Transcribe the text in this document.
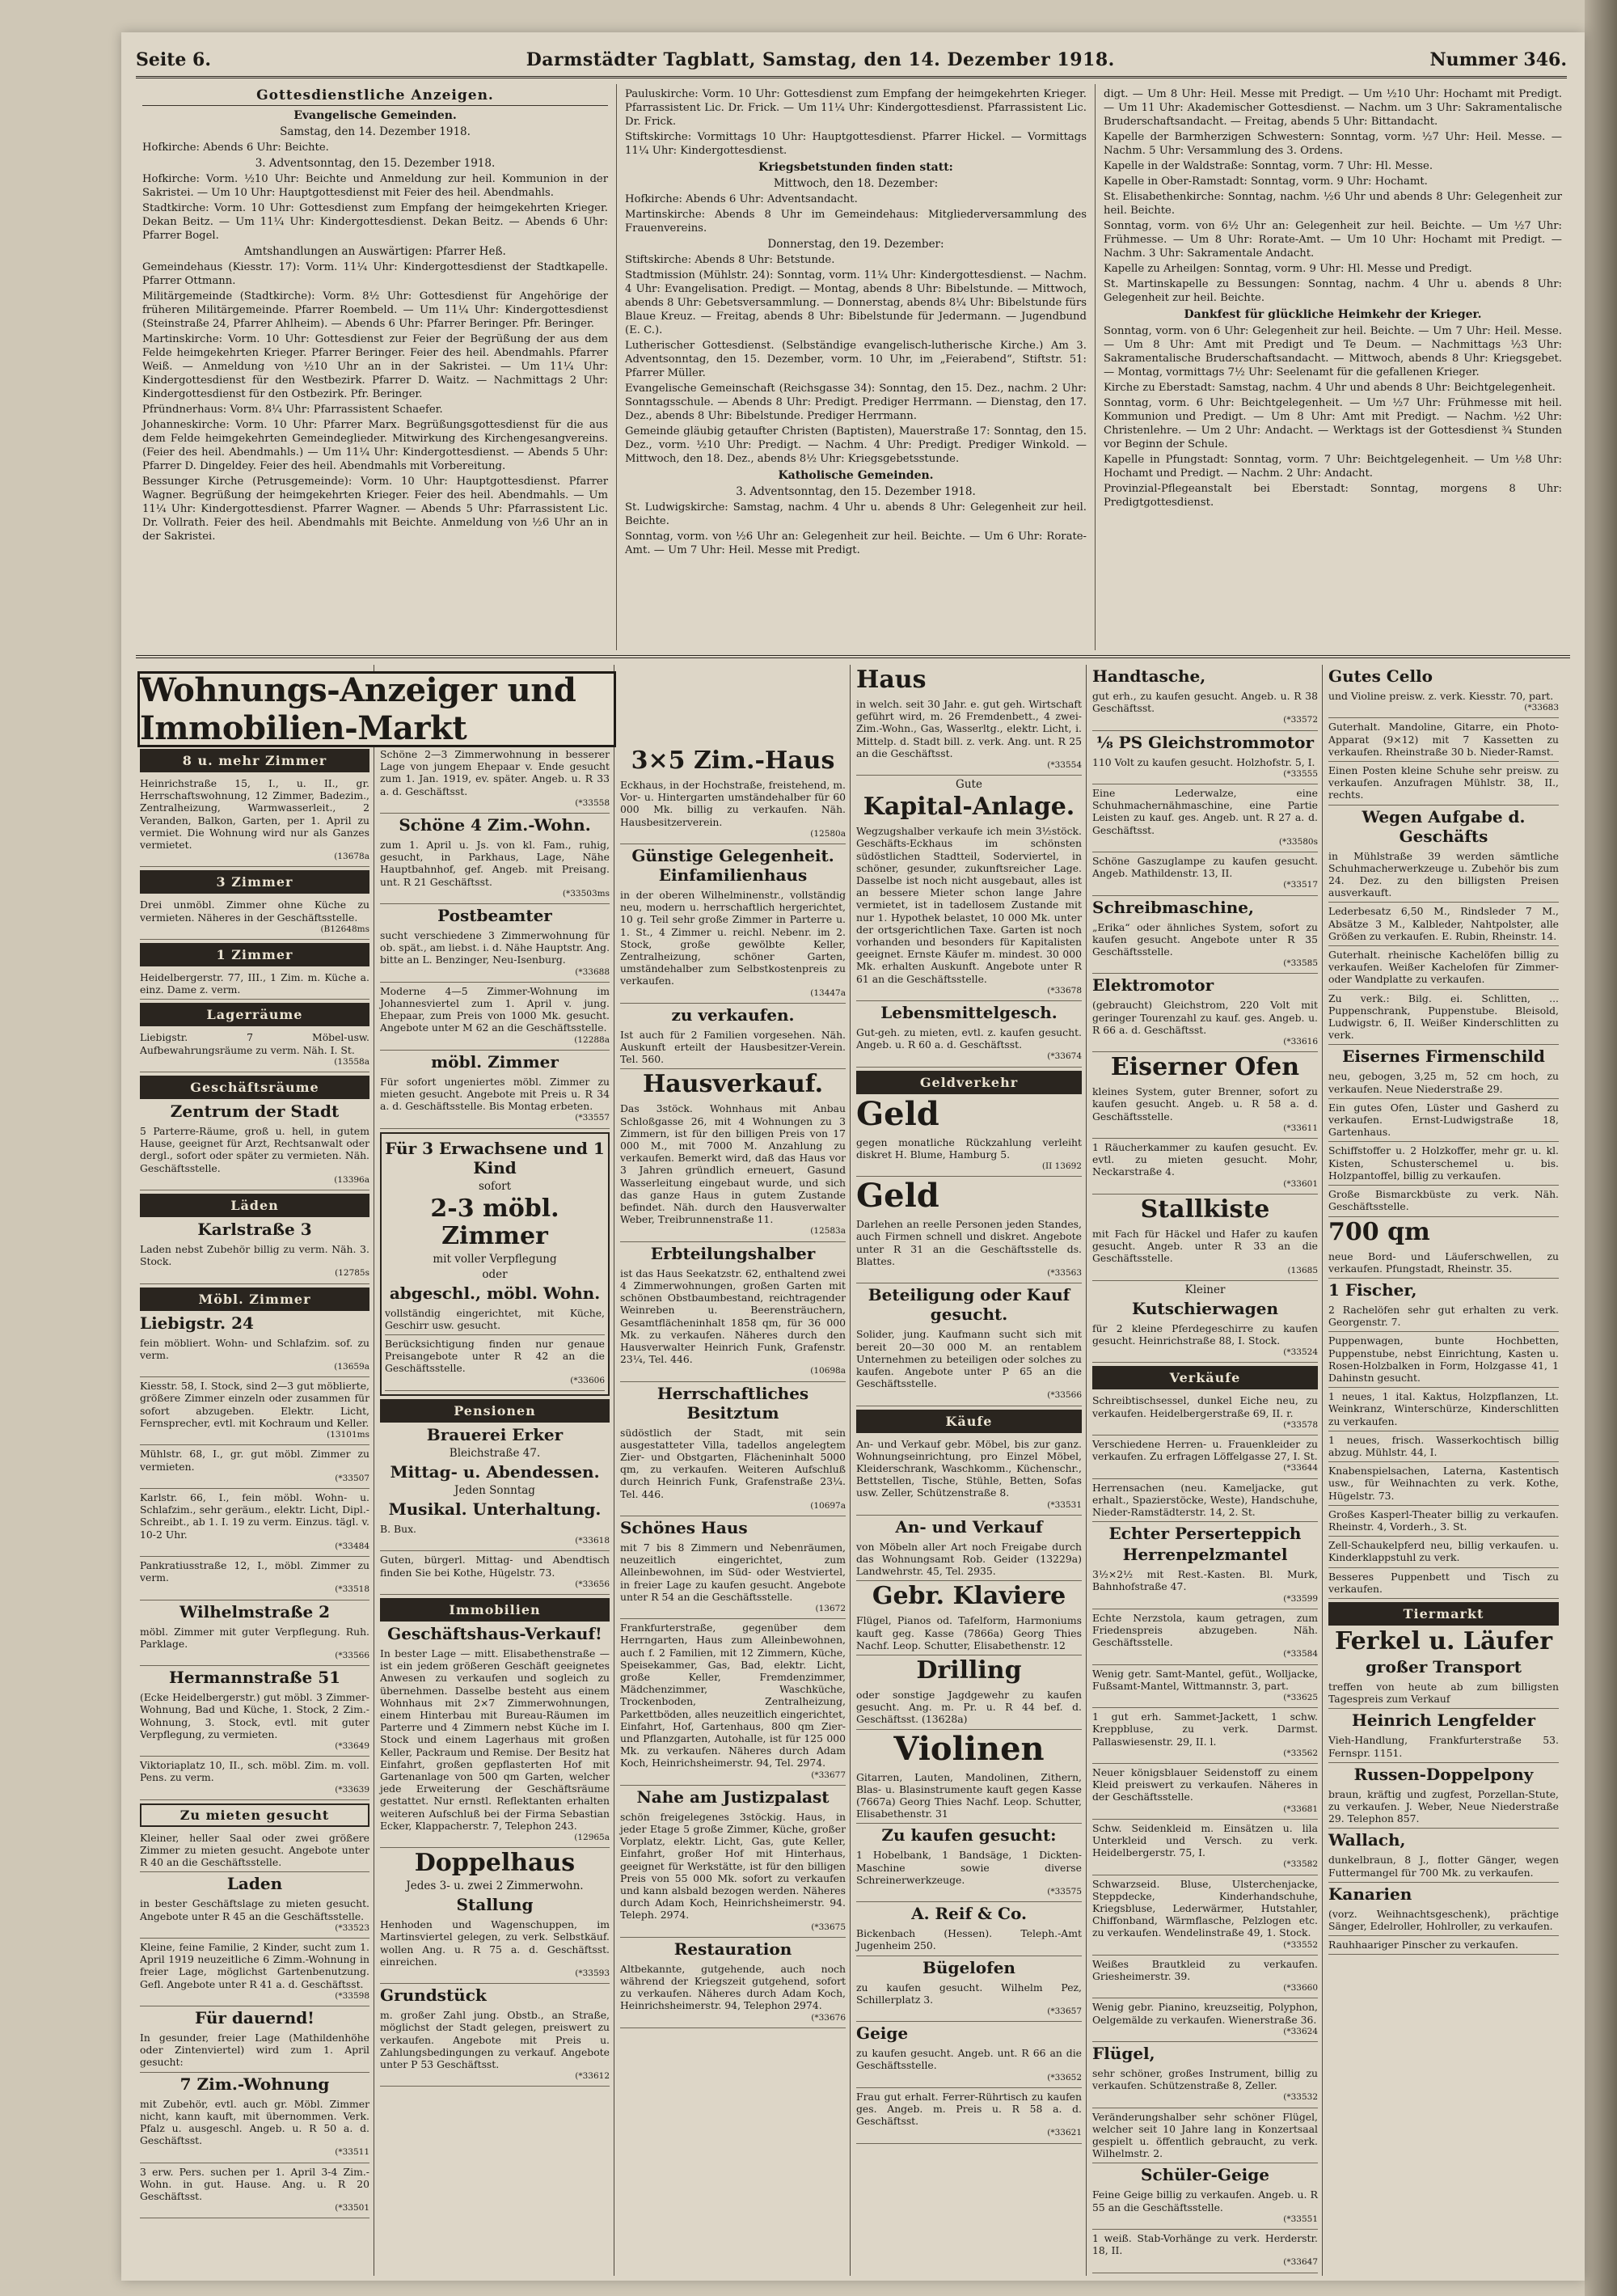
Seite 6.	Darmstädter Tagblatt, Samstag, den 14. Dezember 1918.	Nummer 346.
Gottesdienstliche Anzeigen.
Evangelische Gemeinden.

Samstag, den 14. Dezember 1918.

Hofkirche: Abends 6 Uhr: Beichte.

3. Adventsonntag, den 15. Dezember 1918.

Hofkirche: Vorm. ½10 Uhr: Beichte und Anmeldung zur heil. Kommunion in der Sakristei. — Um 10 Uhr: Hauptgottesdienst mit Feier des heil. Abendmahls.

Stadtkirche: Vorm. 10 Uhr: Gottesdienst zum Empfang der heimgekehrten Krieger. Dekan Beitz. — Um 11¼ Uhr: Kindergottesdienst. Dekan Beitz. — Abends 6 Uhr: Pfarrer Bogel.

Amtshandlungen an Auswärtigen: Pfarrer Heß.

Gemeindehaus (Kiesstr. 17): Vorm. 11¼ Uhr: Kindergottesdienst der Stadtkapelle. Pfarrer Ottmann.

Militärgemeinde (Stadtkirche): Vorm. 8½ Uhr: Gottesdienst für Angehörige der früheren Militärgemeinde. Pfarrer Roembeld. — Um 11¼ Uhr: Kindergottesdienst (Steinstraße 24, Pfarrer Ahlheim). — Abends 6 Uhr: Pfarrer Beringer. Pfr. Beringer.

Martinskirche: Vorm. 10 Uhr: Gottesdienst zur Feier der Begrüßung der aus dem Felde heimgekehrten Krieger. Pfarrer Beringer. Feier des heil. Abendmahls. Pfarrer Weiß. — Anmeldung von ½10 Uhr an in der Sakristei. — Um 11¼ Uhr: Kindergottesdienst für den Westbezirk. Pfarrer D. Waitz. — Nachmittags 2 Uhr: Kindergottesdienst für den Ostbezirk. Pfr. Beringer.

Pfründnerhaus: Vorm. 8¼ Uhr: Pfarrassistent Schaefer.

Johanneskirche: Vorm. 10 Uhr: Pfarrer Marx. Begrüßungsgottesdienst für die aus dem Felde heimgekehrten Gemeindeglieder. Mitwirkung des Kirchengesangvereins. (Feier des heil. Abendmahls.) — Um 11¼ Uhr: Kindergottesdienst. — Abends 5 Uhr: Pfarrer D. Dingeldey. Feier des heil. Abendmahls mit Vorbereitung.

Bessunger Kirche (Petrusgemeinde): Vorm. 10 Uhr: Hauptgottesdienst. Pfarrer Wagner. Begrüßung der heimgekehrten Krieger. Feier des heil. Abendmahls. — Um 11¼ Uhr: Kindergottesdienst. Pfarrer Wagner. — Abends 5 Uhr: Pfarrassistent Lic. Dr. Vollrath. Feier des heil. Abendmahls mit Beichte. Anmeldung von ½6 Uhr an in der Sakristei.

Pauluskirche: Vorm. 10 Uhr: Gottesdienst zum Empfang der heimgekehrten Krieger. Pfarrassistent Lic. Dr. Frick. — Um 11¼ Uhr: Kindergottesdienst. Pfarrassistent Lic. Dr. Frick.

Stiftskirche: Vormittags 10 Uhr: Hauptgottesdienst. Pfarrer Hickel. — Vormittags 11¼ Uhr: Kindergottesdienst.

Kriegsbetstunden finden statt:

Mittwoch, den 18. Dezember:

Hofkirche: Abends 6 Uhr: Adventsandacht.

Martinskirche: Abends 8 Uhr im Gemeindehaus: Mitgliederversammlung des Frauenvereins.

Donnerstag, den 19. Dezember:

Stiftskirche: Abends 8 Uhr: Betstunde.

Stadtmission (Mühlstr. 24): Sonntag, vorm. 11¼ Uhr: Kindergottesdienst. — Nachm. 4 Uhr: Evangelisation. Predigt. — Montag, abends 8 Uhr: Bibelstunde. — Mittwoch, abends 8 Uhr: Gebetsversammlung. — Donnerstag, abends 8¼ Uhr: Bibelstunde fürs Blaue Kreuz. — Freitag, abends 8 Uhr: Bibelstunde für Jedermann. — Jugendbund (E. C.).

Lutherischer Gottesdienst. (Selbständige evangelisch-lutherische Kirche.) Am 3. Adventsonntag, den 15. Dezember, vorm. 10 Uhr, im „Feierabend“, Stiftstr. 51: Pfarrer Müller.

Evangelische Gemeinschaft (Reichsgasse 34): Sonntag, den 15. Dez., nachm. 2 Uhr: Sonntagsschule. — Abends 8 Uhr: Predigt. Prediger Herrmann. — Dienstag, den 17. Dez., abends 8 Uhr: Bibelstunde. Prediger Herrmann.

Gemeinde gläubig getaufter Christen (Baptisten), Mauerstraße 17: Sonntag, den 15. Dez., vorm. ½10 Uhr: Predigt. — Nachm. 4 Uhr: Predigt. Prediger Winkold. — Mittwoch, den 18. Dez., abends 8½ Uhr: Kriegsgebetsstunde.

Katholische Gemeinden.

3. Adventsonntag, den 15. Dezember 1918.

St. Ludwigskirche: Samstag, nachm. 4 Uhr u. abends 8 Uhr: Gelegenheit zur heil. Beichte.

Sonntag, vorm. von ½6 Uhr an: Gelegenheit zur heil. Beichte. — Um 6 Uhr: Rorate-Amt. — Um 7 Uhr: Heil. Messe mit Predigt.

digt. — Um 8 Uhr: Heil. Messe mit Predigt. — Um ½10 Uhr: Hochamt mit Predigt. — Um 11 Uhr: Akademischer Gottesdienst. — Nachm. um 3 Uhr: Sakramentalische Bruderschaftsandacht. — Freitag, abends 5 Uhr: Bittandacht.

Kapelle der Barmherzigen Schwestern: Sonntag, vorm. ½7 Uhr: Heil. Messe. — Nachm. 5 Uhr: Versammlung des 3. Ordens.

Kapelle in der Waldstraße: Sonntag, vorm. 7 Uhr: Hl. Messe.

Kapelle in Ober-Ramstadt: Sonntag, vorm. 9 Uhr: Hochamt.

St. Elisabethenkirche: Sonntag, nachm. ½6 Uhr und abends 8 Uhr: Gelegenheit zur heil. Beichte.

Sonntag, vorm. von 6½ Uhr an: Gelegenheit zur heil. Beichte. — Um ½7 Uhr: Frühmesse. — Um 8 Uhr: Rorate-Amt. — Um 10 Uhr: Hochamt mit Predigt. — Nachm. 3 Uhr: Sakramentale Andacht.

Kapelle zu Arheilgen: Sonntag, vorm. 9 Uhr: Hl. Messe und Predigt.

St. Martinskapelle zu Bessungen: Sonntag, nachm. 4 Uhr u. abends 8 Uhr: Gelegenheit zur heil. Beichte.

Dankfest für glückliche Heimkehr der Krieger.

Sonntag, vorm. von 6 Uhr: Gelegenheit zur heil. Beichte. — Um 7 Uhr: Heil. Messe. — Um 8 Uhr: Amt mit Predigt und Te Deum. — Nachmittags ½3 Uhr: Sakramentalische Bruderschaftsandacht. — Mittwoch, abends 8 Uhr: Kriegsgebet. — Montag, vormittags 7½ Uhr: Seelenamt für die gefallenen Krieger.

Kirche zu Eberstadt: Samstag, nachm. 4 Uhr und abends 8 Uhr: Beichtgelegenheit.

Sonntag, vorm. 6 Uhr: Beichtgelegenheit. — Um ½7 Uhr: Frühmesse mit heil. Kommunion und Predigt. — Um 8 Uhr: Amt mit Predigt. — Nachm. ½2 Uhr: Christenlehre. — Um 2 Uhr: Andacht. — Werktags ist der Gottesdienst ¾ Stunden vor Beginn der Schule.

Kapelle in Pfungstadt: Sonntag, vorm. 7 Uhr: Beichtgelegenheit. — Um ½8 Uhr: Hochamt und Predigt. — Nachm. 2 Uhr: Andacht.

Provinzial-Pflegeanstalt bei Eberstadt: Sonntag, morgens 8 Uhr: Predigtgottesdienst.

8 u. mehr Zimmer

Heinrichstraße 15, I., u. II., gr. Herrschaftswohnung, 12 Zimmer, Badezim., Zentralheizung, Warmwasserleit., 2 Veranden, Balkon, Garten, per 1. April zu vermiet. Die Wohnung wird nur als Ganzes vermietet.
(13678a

3 Zimmer

Drei unmöbl. Zimmer ohne Küche zu vermieten. Näheres in der Geschäftsstelle.
(B12648ms

1 Zimmer

Heidelbergerstr. 77, III., 1 Zim. m. Küche a. einz. Dame z. verm.

Lagerräume

Liebigstr. 7 Möbel-usw. Aufbewahrungsräume zu verm. Näh. I. St.
(13558a

Geschäftsräume
Zentrum der Stadt

5 Parterre-Räume, groß u. hell, in gutem Hause, geeignet für Arzt, Rechtsanwalt oder dergl., sofort oder später zu vermieten. Näh. Geschäftsstelle.
(13396a

Läden
Karlstraße 3

Laden nebst Zubehör billig zu verm. Näh. 3. Stock.
(12785s

Möbl. Zimmer
Liebigstr. 24

fein möbliert. Wohn- und Schlafzim. sof. zu verm.
(13659a

Kiesstr. 58, I. Stock, sind 2—3 gut möblierte, größere Zimmer einzeln oder zusammen für sofort abzugeben. Elektr. Licht, Fernsprecher, evtl. mit Kochraum und Keller.
(13101ms

Mühlstr. 68, I., gr. gut möbl. Zimmer zu vermieten.
(*33507

Karlstr. 66, I., fein möbl. Wohn- u. Schlafzim., sehr geräum., elektr. Licht, Dipl.-Schreibt., ab 1. I. 19 zu verm. Einzus. tägl. v. 10-2 Uhr.
(*33484

Pankratiusstraße 12, I., möbl. Zimmer zu verm.
(*33518

Wilhelmstraße 2

möbl. Zimmer mit guter Verpflegung. Ruh. Parklage.
(*33566

Hermannstraße 51

(Ecke Heidelbergerstr.) gut möbl. 3 Zimmer-Wohnung, Bad und Küche, 1. Stock, 2 Zim.-Wohnung, 3. Stock, evtl. mit guter Verpflegung, zu vermieten.
(*33649

Viktoriaplatz 10, II., sch. möbl. Zim. m. voll. Pens. zu verm.
(*33639

Zu mieten gesucht

Kleiner, heller Saal oder zwei größere Zimmer zu mieten gesucht. Angebote unter R 40 an die Geschäftsstelle.

Laden

in bester Geschäftslage zu mieten gesucht. Angebote unter R 45 an die Geschäftsstelle.
(*33523

Kleine, feine Familie, 2 Kinder, sucht zum 1. April 1919 neuzeitliche 6 Zimm.-Wohnung in freier Lage, möglichst Gartenbenutzung. Gefl. Angebote unter R 41 a. d. Geschäftsst.
(*33598

Für dauernd!

In gesunder, freier Lage (Mathildenhöhe oder Zintenviertel) wird zum 1. April gesucht:

7 Zim.-Wohnung

mit Zubehör, evtl. auch gr. Möbl. Zimmer nicht, kann kauft, mit übernommen. Verk. Pfalz u. ausgeschl. Angeb. u. R 50 a. d. Geschäftsst.
(*33511

3 erw. Pers. suchen per 1. April 3-4 Zim.-Wohn. in gut. Hause. Ang. u. R 20 Geschäftsst.
(*33501

Schöne 2—3 Zimmerwohnung in besserer Lage von jungem Ehepaar v. Ende gesucht zum 1. Jan. 1919, ev. später. Angeb. u. R 33 a. d. Geschäftsst.
(*33558

Schöne 4 Zim.-Wohn.

zum 1. April u. Js. von kl. Fam., ruhig, gesucht, in Parkhaus, Lage, Nähe Hauptbahnhof, gef. Angeb. mit Preisang. unt. R 21 Geschäftsst.
(*33503ms

Postbeamter

sucht verschiedene 3 Zimmerwohnung für ob. spät., am liebst. i. d. Nähe Hauptstr. Ang. bitte an L. Benzinger, Neu-Isenburg.
(*33688

Moderne 4—5 Zimmer-Wohnung im Johannesviertel zum 1. April v. jung. Ehepaar, zum Preis von 1000 Mk. gesucht. Angebote unter M 62 an die Geschäftsstelle.
(12288a

möbl. Zimmer

Für sofort ungeniertes möbl. Zimmer zu mieten gesucht. Angebote mit Preis u. R 34 a. d. Geschäftsstelle. Bis Montag erbeten.
(*33557

Für 3 Erwachsene und 1 Kind
sofort
2-3 möbl. Zimmer
mit voller Verpflegung
oder
abgeschl., möbl. Wohn.

vollständig eingerichtet, mit Küche, Geschirr usw. gesucht.

Berücksichtigung finden nur genaue Preisangebote unter R 42 an die Geschäftsstelle.
(*33606

Pensionen
Brauerei Erker
Bleichstraße 47.
Mittag- u. Abendessen.
Jeden Sonntag
Musikal. Unterhaltung.

B. Bux.
(*33618

Guten, bürgerl. Mittag- und Abendtisch finden Sie bei Kothe, Hügelstr. 73.
(*33656

Immobilien
Geschäftshaus-Verkauf!

In bester Lage — mitt. Elisabethenstraße — ist ein jedem größeren Geschäft geeignetes Anwesen zu verkaufen und sogleich zu übernehmen. Dasselbe besteht aus einem Wohnhaus mit 2×7 Zimmerwohnungen, einem Hinterbau mit Bureau-Räumen im Parterre und 4 Zimmern nebst Küche im I. Stock und einem Lagerhaus mit großen Keller, Packraum und Remise. Der Besitz hat Einfahrt, großen gepflasterten Hof mit Gartenanlage von 500 qm Garten, welcher jede Erweiterung der Geschäftsräume gestattet. Nur ernstl. Reflektanten erhalten weiteren Aufschluß bei der Firma Sebastian Ecker, Klappacherstr. 7, Telephon 243.
(12965a

Doppelhaus
Jedes 3- u. zwei 2 Zimmerwohn.
Stallung

Henhoden und Wagenschuppen, im Martinsviertel gelegen, zu verk. Selbstkäuf. wollen Ang. u. R 75 a. d. Geschäftsst. einreichen.
(*33593

Grundstück

m. großer Zahl jung. Obstb., an Straße, möglichst der Stadt gelegen, preiswert zu verkaufen. Angebote mit Preis u. Zahlungsbedingungen zu verkauf. Angebote unter P 53 Geschäftsst.
(*33612

3×5 Zim.-Haus

Eckhaus, in der Hochstraße, freistehend, m. Vor- u. Hintergarten umständehalber für 60 000 Mk. billig zu verkaufen. Näh. Hausbesitzerverein.
(12580a

Günstige Gelegenheit. Einfamilienhaus

in der oberen Wilhelminenstr., vollständig neu, modern u. herrschaftlich hergerichtet, 10 g. Teil sehr große Zimmer in Parterre u. 1. St., 4 Zimmer u. reichl. Nebenr. im 2. Stock, große gewölbte Keller, Zentralheizung, schöner Garten, umständehalber zum Selbstkostenpreis zu verkaufen.
(13447a

zu verkaufen.

Ist auch für 2 Familien vorgesehen. Näh. Auskunft erteilt der Hausbesitzer-Verein. Tel. 560.

Hausverkauf.

Das 3stöck. Wohnhaus mit Anbau Schloßgasse 26, mit 4 Wohnungen zu 3 Zimmern, ist für den billigen Preis von 17 000 M., mit 7000 M. Anzahlung zu verkaufen. Bemerkt wird, daß das Haus vor 3 Jahren gründlich erneuert, Gasund Wasserleitung eingebaut wurde, und sich das ganze Haus in gutem Zustande befindet. Näh. durch den Hausverwalter Weber, Treibrunnenstraße 11.
(12583a

Erbteilungshalber

ist das Haus Seekatzstr. 62, enthaltend zwei 4 Zimmerwohnungen, großen Garten mit schönen Obstbaumbestand, reichtragender Weinreben u. Beerensträuchern, Gesamtflächeninhalt 1858 qm, für 36 000 Mk. zu verkaufen. Näheres durch den Hausverwalter Heinrich Funk, Grafenstr. 23¼, Tel. 446.
(10698a

Herrschaftliches Besitztum

südöstlich der Stadt, mit sein ausgestatteter Villa, tadellos angelegtem Zier- und Obstgarten, Flächeninhalt 5000 qm, zu verkaufen. Weiteren Aufschluß durch Heinrich Funk, Grafenstraße 23¼. Tel. 446.
(10697a

Schönes Haus

mit 7 bis 8 Zimmern und Nebenräumen, neuzeitlich eingerichtet, zum Alleinbewohnen, im Süd- oder Westviertel, in freier Lage zu kaufen gesucht. Angebote unter R 54 an die Geschäftsstelle.
(13672

Frankfurterstraße, gegenüber dem Herrngarten, Haus zum Alleinbewohnen, auch f. 2 Familien, mit 12 Zimmern, Küche, Speisekammer, Gas, Bad, elektr. Licht, große Keller, Fremdenzimmer, Mädchenzimmer, Waschküche, Trockenboden, Zentralheizung, Parkettböden, alles neuzeitlich eingerichtet, Einfahrt, Hof, Gartenhaus, 800 qm Zier- und Pflanzgarten, Autohalle, ist für 125 000 Mk. zu verkaufen. Näheres durch Adam Koch, Heinrichsheimerstr. 94, Tel. 2974.
(*33677

Nahe am Justizpalast

schön freigelegenes 3stöckig. Haus, in jeder Etage 5 große Zimmer, Küche, großer Vorplatz, elektr. Licht, Gas, gute Keller, Einfahrt, großer Hof mit Hinterhaus, geeignet für Werkstätte, ist für den billigen Preis von 55 000 Mk. sofort zu verkaufen und kann alsbald bezogen werden. Näheres durch Adam Koch, Heinrichsheimerstr. 94. Teleph. 2974.
(*33675

Restauration

Altbekannte, gutgehende, auch noch während der Kriegszeit gutgehend, sofort zu verkaufen. Näheres durch Adam Koch, Heinrichsheimerstr. 94, Telephon 2974.
(*33676

Haus

in welch. seit 30 Jahr. e. gut geh. Wirtschaft geführt wird, m. 26 Fremdenbett., 4 zwei-Zim.-Wohn., Gas, Wasserltg., elektr. Licht, i. Mittelp. d. Stadt bill. z. verk. Ang. unt. R 25 an die Geschäftsst.
(*33554

Gute
Kapital-Anlage.

Wegzugshalber verkaufe ich mein 3½stöck. Geschäfts-Eckhaus im schönsten südöstlichen Stadtteil, Soderviertel, in schöner, gesunder, zukunftsreicher Lage. Dasselbe ist noch nicht ausgebaut, alles ist an bessere Mieter schon lange Jahre vermietet, ist in tadellosem Zustande mit nur 1. Hypothek belastet, 10 000 Mk. unter der ortsgerichtlichen Taxe. Garten ist noch vorhanden und besonders für Kapitalisten geeignet. Ernste Käufer m. mindest. 30 000 Mk. erhalten Auskunft. Angebote unter R 61 an die Geschäftsstelle.
(*33678

Lebensmittelgesch.

Gut-geh. zu mieten, evtl. z. kaufen gesucht. Angeb. u. R 60 a. d. Geschäftsst.
(*33674

Geldverkehr
Geld

gegen monatliche Rückzahlung verleiht diskret H. Blume, Hamburg 5.
(II 13692

Geld

Darlehen an reelle Personen jeden Standes, auch Firmen schnell und diskret. Angebote unter R 31 an die Geschäftsstelle ds. Blattes.
(*33563

Beteiligung oder Kauf gesucht.

Solider, jung. Kaufmann sucht sich mit bereit 20—30 000 M. an rentablem Unternehmen zu beteiligen oder solches zu kaufen. Angebote unter P 65 an die Geschäftsstelle.
(*33566

Käufe

An- und Verkauf gebr. Möbel, bis zur ganz. Wohnungseinrichtung, pro Einzel Möbel, Kleiderschrank, Waschkomm., Küchenschr., Bettstellen, Tische, Stühle, Betten, Sofas usw. Zeller, Schützenstraße 8.
(*33531

An- und Verkauf

von Möbeln aller Art noch Freigabe durch das Wohnungsamt Rob. Geider (13229a) Landwehrstr. 45, Tel. 2935.

Gebr. Klaviere

Flügel, Pianos od. Tafelform, Harmoniums kauft geg. Kasse (7866a) Georg Thies Nachf. Leop. Schutter, Elisabethenstr. 12

Drilling

oder sonstige Jagdgewehr zu kaufen gesucht. Ang. m. Pr. u. R 44 bef. d. Geschäftsst. (13628a)

Violinen

Gitarren, Lauten, Mandolinen, Zithern, Blas- u. Blasinstrumente kauft gegen Kasse (7667a) Georg Thies Nachf. Leop. Schutter, Elisabethenstr. 31

Zu kaufen gesucht:

1 Hobelbank, 1 Bandsäge, 1 Dickten-Maschine sowie diverse Schreinerwerkzeuge.
(*33575

A. Reif & Co.

Bickenbach (Hessen). Teleph.-Amt Jugenheim 250.

Bügelofen

zu kaufen gesucht. Wilhelm Pez, Schillerplatz 3.
(*33657

Geige

zu kaufen gesucht. Angeb. unt. R 66 an die Geschäftsstelle.
(*33652

Frau gut erhalt. Ferrer-Rührtisch zu kaufen ges. Angeb. m. Preis u. R 58 a. d. Geschäftsst.
(*33621

Handtasche,

gut erh., zu kaufen gesucht. Angeb. u. R 38 Geschäftsst.
(*33572

⅛ PS Gleichstrommotor

110 Volt zu kaufen gesucht. Holzhofstr. 5, I.
(*33555

Eine Lederwalze, eine Schuhmachernähmaschine, eine Partie Leisten zu kauf. ges. Angeb. unt. R 27 a. d. Geschäftsst.
(*33580s

Schöne Gaszuglampe zu kaufen gesucht. Angeb. Mathildenstr. 13, II.
(*33517

Schreibmaschine,

„Erika“ oder ähnliches System, sofort zu kaufen gesucht. Angebote unter R 35 Geschäftsstelle.
(*33585

Elektromotor

(gebraucht) Gleichstrom, 220 Volt mit geringer Tourenzahl zu kauf. ges. Angeb. u. R 66 a. d. Geschäftsst.
(*33616

Eiserner Ofen

kleines System, guter Brenner, sofort zu kaufen gesucht. Angeb. u. R 58 a. d. Geschäftsstelle.
(*33611

1 Räucherkammer zu kaufen gesucht. Ev. evtl. zu mieten gesucht. Mohr, Neckarstraße 4.
(*33601

Stallkiste

mit Fach für Häckel und Hafer zu kaufen gesucht. Angeb. unter R 33 an die Geschäftsstelle.
(13685

Kleiner
Kutschierwagen

für 2 kleine Pferdegeschirre zu kaufen gesucht. Heinrichstraße 88, I. Stock.
(*33524

Verkäufe

Schreibtischsessel, dunkel Eiche neu, zu verkaufen. Heidelbergerstraße 69, II. r.
(*33578

Verschiedene Herren- u. Frauenkleider zu verkaufen. Zu erfragen Löffelgasse 27, I. St.
(*33644

Herrensachen (neu. Kameljacke, gut erhalt., Spazierstöcke, Weste), Handschuhe, Nieder-Ramstädterstr. 14, 2. St.

Echter Perserteppich
Herrenpelzmantel

3½×2½ mit Rest.-Kasten. Bl. Murk, Bahnhofstraße 47.
(*33599

Echte Nerzstola, kaum getragen, zum Friedenspreis abzugeben. Näh. Geschäftsstelle.
(*33584

Wenig getr. Samt-Mantel, gefüt., Wolljacke, Fußsamt-Mantel, Wittmannstr. 3, part.
(*33625

1 gut erh. Sammet-Jackett, 1 schw. Kreppbluse, zu verk. Darmst. Pallaswiesenstr. 29, II. l.
(*33562

Neuer königsblauer Seidenstoff zu einem Kleid preiswert zu verkaufen. Näheres in der Geschäftsstelle.
(*33681

Schw. Seidenkleid m. Einsätzen u. lila Unterkleid und Versch. zu verk. Heidelbergerstr. 75, I.
(*33582

Schwarzseid. Bluse, Ulsterchenjacke, Steppdecke, Kinderhandschuhe, Kriegsbluse, Lederwärmer, Hutstahler, Chiffonband, Wärmflasche, Pelzlogen etc. zu verkaufen. Wendelinstraße 49, 1. Stock.
(*33552

Weißes Brautkleid zu verkaufen. Griesheimerstr. 39.
(*33660

Wenig gebr. Pianino, kreuzseitig, Polyphon, Oelgemälde zu verkaufen. Wienerstraße 36.
(*33624

Flügel,

sehr schöner, großes Instrument, billig zu verkaufen. Schützenstraße 8, Zeller.
(*33532

Veränderungshalber sehr schöner Flügel, welcher seit 10 Jahre lang in Konzertsaal gespielt u. öffentlich gebraucht, zu verk. Wilhelmstr. 2.

Schüler-Geige

Feine Geige billig zu verkaufen. Angeb. u. R 55 an die Geschäftsstelle.
(*33551

1 weiß. Stab-Vorhänge zu verk. Herderstr. 18, II.
(*33647

Gutes Cello

und Violine preisw. z. verk. Kiesstr. 70, part.
(*33683

Guterhalt. Mandoline, Gitarre, ein Photo-Apparat (9×12) mit 7 Kassetten zu verkaufen. Rheinstraße 30 b. Nieder-Ramst.

Einen Posten kleine Schuhe sehr preisw. zu verkaufen. Anzufragen Mühlstr. 38, II., rechts.

Wegen Aufgabe d. Geschäfts

in Mühlstraße 39 werden sämtliche Schuhmacherwerkzeuge u. Zubehör bis zum 24. Dez. zu den billigsten Preisen ausverkauft.

Lederbesatz 6,50 M., Rindsleder 7 M., Absätze 3 M., Kalbleder, Nahtpolster, alle Größen zu verkaufen. E. Rubin, Rheinstr. 14.

Guterhalt. rheinische Kachelöfen billig zu verkaufen. Weißer Kachelofen für Zimmer- oder Wandplatte zu verkaufen.

Zu verk.: Bilg. ei. Schlitten, ... Puppenschrank, Puppenstube. Bleisold, Ludwigstr. 6, II. Weißer Kinderschlitten zu verk.

Eisernes Firmenschild

neu, gebogen, 3,25 m, 52 cm hoch, zu verkaufen. Neue Niederstraße 29.

Ein gutes Ofen, Lüster und Gasherd zu verkaufen. Ernst-Ludwigstraße 18, Gartenhaus.

Schiffstoffer u. 2 Holzkoffer, mehr gr. u. kl. Kisten, Schusterschemel u. bis. Holzpantoffel, billig zu verkaufen.

Große Bismarckbüste zu verk. Näh. Geschäftsstelle.

700 qm

neue Bord- und Läuferschwellen, zu verkaufen. Pfungstadt, Rheinstr. 35.

1 Fischer,

2 Rachelöfen sehr gut erhalten zu verk. Georgenstr. 7.

Puppenwagen, bunte Hochbetten, Puppenstube, nebst Einrichtung, Kasten u. Rosen-Holzbalken in Form, Holzgasse 41, 1 Dahinstn gesucht.

1 neues, 1 ital. Kaktus, Holzpflanzen, Lt. Weinkranz, Winterschürze, Kinderschlitten zu verkaufen.

1 neues, frisch. Wasserkochtisch billig abzug. Mühlstr. 44, I.

Knabenspielsachen, Laterna, Kastentisch usw., für Weihnachten zu verk. Kothe, Hügelstr. 73.

Großes Kasperl-Theater billig zu verkaufen. Rheinstr. 4, Vorderh., 3. St.

Zell-Schaukelpferd neu, billig verkaufen. u. Kinderklappstuhl zu verk.

Besseres Puppenbett und Tisch zu verkaufen.

Tiermarkt
Ferkel u. Läufer
großer Transport

treffen von heute ab zum billigsten Tagespreis zum Verkauf

Heinrich Lengfelder

Vieh-Handlung, Frankfurterstraße 53. Fernspr. 1151.

Russen-Doppelpony

braun, kräftig und zugfest, Porzellan-Stute, zu verkaufen. J. Weber, Neue Niederstraße 29. Telephon 857.

Wallach,

dunkelbraun, 8 J., flotter Gänger, wegen Futtermangel für 700 Mk. zu verkaufen.

Kanarien

(vorz. Weihnachtsgeschenk), prächtige Sänger, Edelroller, Hohlroller, zu verkaufen.

Rauhhaariger Pinscher zu verkaufen.

Wohnungs-Anzeiger und Immobilien-Markt
